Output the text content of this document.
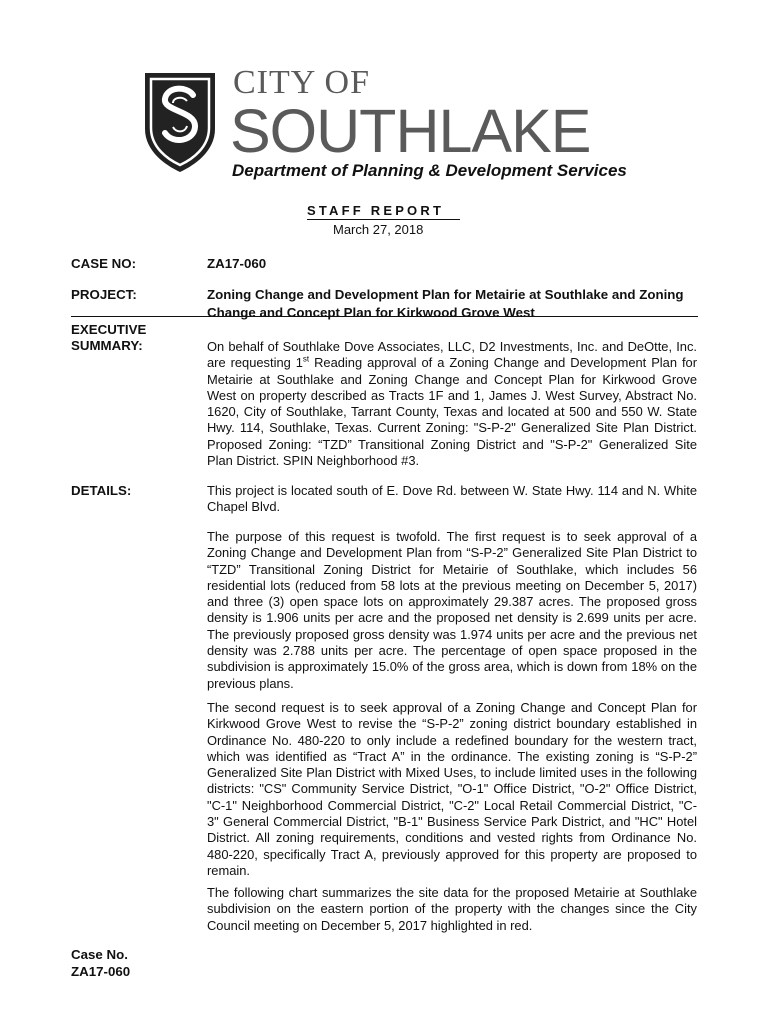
CITY OF
SOUTHLAKE
Department of Planning & Development Services
STAFF REPORT
March 27, 2018
CASE NO:	ZA17-060
PROJECT:	Zoning Change and Development Plan for Metairie at Southlake and Zoning Change and Concept Plan for Kirkwood Grove West
EXECUTIVE
SUMMARY:	On behalf of Southlake Dove Associates, LLC, D2 Investments, Inc. and DeOtte, Inc. are requesting 1st Reading approval of a Zoning Change and Development Plan for Metairie at Southlake and Zoning Change and Concept Plan for Kirkwood Grove West on property described as Tracts 1F and 1, James J. West Survey, Abstract No. 1620, City of Southlake, Tarrant County, Texas and located at 500 and 550 W. State Hwy. 114, Southlake, Texas. Current Zoning: "S-P-2" Generalized Site Plan District. Proposed Zoning: “TZD” Transitional Zoning District and "S-P-2" Generalized Site Plan District. SPIN Neighborhood #3.

DETAILS:	This project is located south of E. Dove Rd. between W. State Hwy. 114 and N. White Chapel Blvd.

The purpose of this request is twofold. The first request is to seek approval of a Zoning Change and Development Plan from “S-P-2” Generalized Site Plan District to “TZD” Transitional Zoning District for Metairie of Southlake, which includes 56 residential lots (reduced from 58 lots at the previous meeting on December 5, 2017) and three (3) open space lots on approximately 29.387 acres. The proposed gross density is 1.906 units per acre and the proposed net density is 2.699 units per acre. The previously proposed gross density was 1.974 units per acre and the previous net density was 2.788 units per acre. The percentage of open space proposed in the subdivision is approximately 15.0% of the gross area, which is down from 18% on the previous plans.

The second request is to seek approval of a Zoning Change and Concept Plan for Kirkwood Grove West to revise the “S-P-2” zoning district boundary established in Ordinance No. 480-220 to only include a redefined boundary for the western tract, which was identified as “Tract A” in the ordinance. The existing zoning is “S-P-2” Generalized Site Plan District with Mixed Uses, to include limited uses in the following districts: "CS" Community Service District, "O-1" Office District, "O-2" Office District, "C-1" Neighborhood Commercial District, "C-2" Local Retail Commercial District, "C-3" General Commercial District, "B-1" Business Service Park District, and "HC" Hotel District. All zoning requirements, conditions and vested rights from Ordinance No. 480-220, specifically Tract A, previously approved for this property are proposed to remain.

The following chart summarizes the site data for the proposed Metairie at Southlake subdivision on the eastern portion of the property with the changes since the City Council meeting on December 5, 2017 highlighted in red.

Case No.
ZA17-060
